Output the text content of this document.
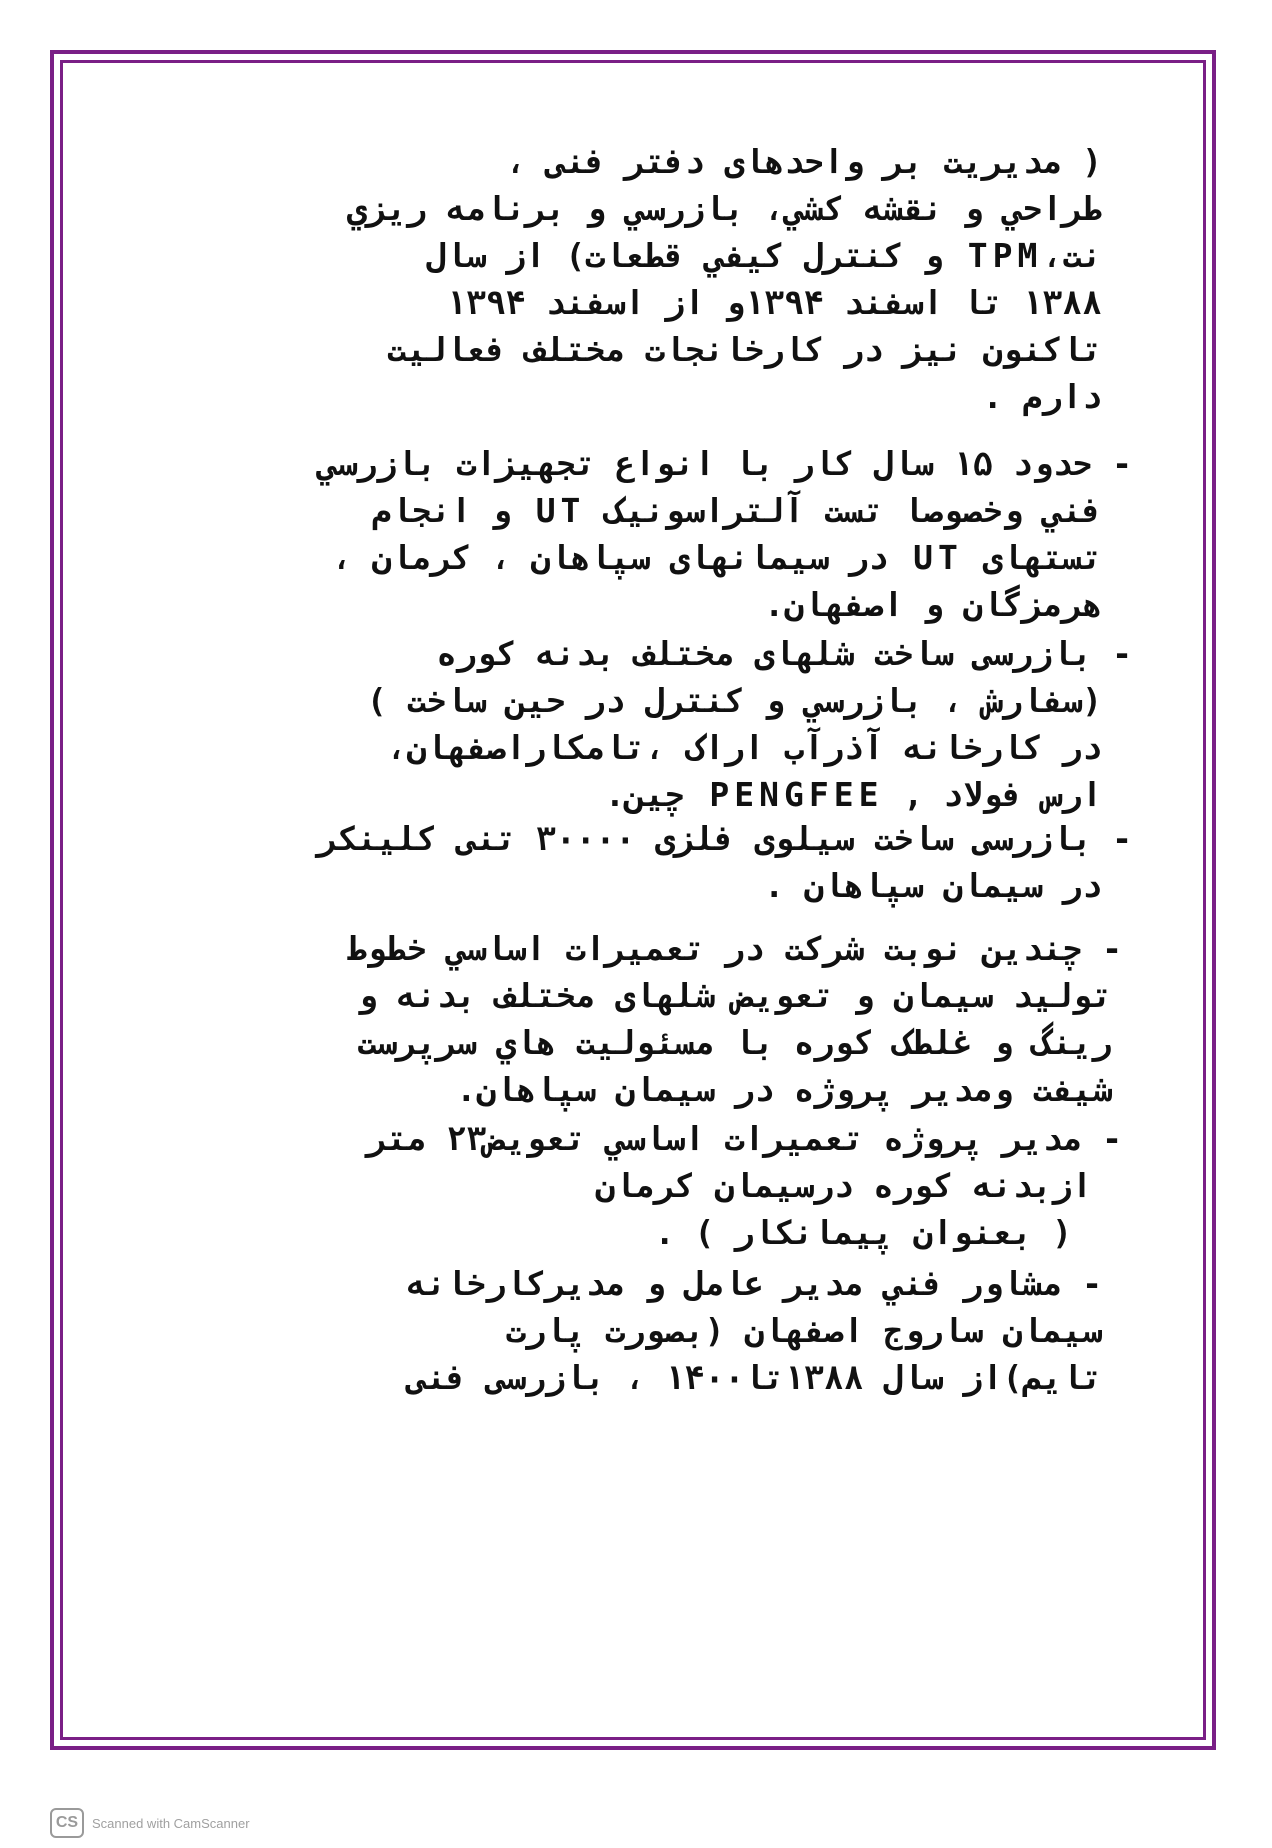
( مدیریت بر واحدهای دفتر فنی ،
طراحي و نقشه كشي، بازرسي و برنامه ريزي
نت،TPM و كنترل كيفي قطعات) از سال
۱۳۸۸ تا اسفند ۱۳۹۴و از اسفند ۱۳۹۴
تاکنون نیز در کارخانجات مختلف فعالیت
دارم .
- حدود ۱۵ سال کار با انواع تجهیزات بازرسي
فني وخصوصا تست آلتراسونیک UT و انجام
تستهای UT در سیمانهای سپاهان ، کرمان ،
هرمزگان و اصفهان.
- بازرسی ساخت شلهای مختلف بدنه کوره
(سفارش ، بازرسي و كنترل در حين ساخت )
در کارخانه آذرآب اراک ،تامکاراصفهان،
ارس فولاد , PENGFEE چین.
- بازرسی ساخت سیلوی فلزی ۳۰۰۰۰ تنی کلینکر
در سیمان سپاهان .
- چندین نوبت شرکت در تعمیرات اساسي خطوط
تولید سیمان و تعویض شلهای مختلف بدنه و
رینگ و غلطک کوره با مسئوليت هاي سرپرست
شیفت ومدیر پروژه در سیمان سپاهان.
- مدیر پروژه تعميرات اساسي تعویض۲۳ متر
ازبدنه کوره درسیمان کرمان
( بعنوان پیمانکار ) .
- مشاور فني مدیر عامل و مدیرکارخانه
سیمان ساروج اصفهان (بصورت پارت
تایم)از سال ۱۳۸۸تا۱۴۰۰ ، بازرسی فنی
CS	Scanned with CamScanner
